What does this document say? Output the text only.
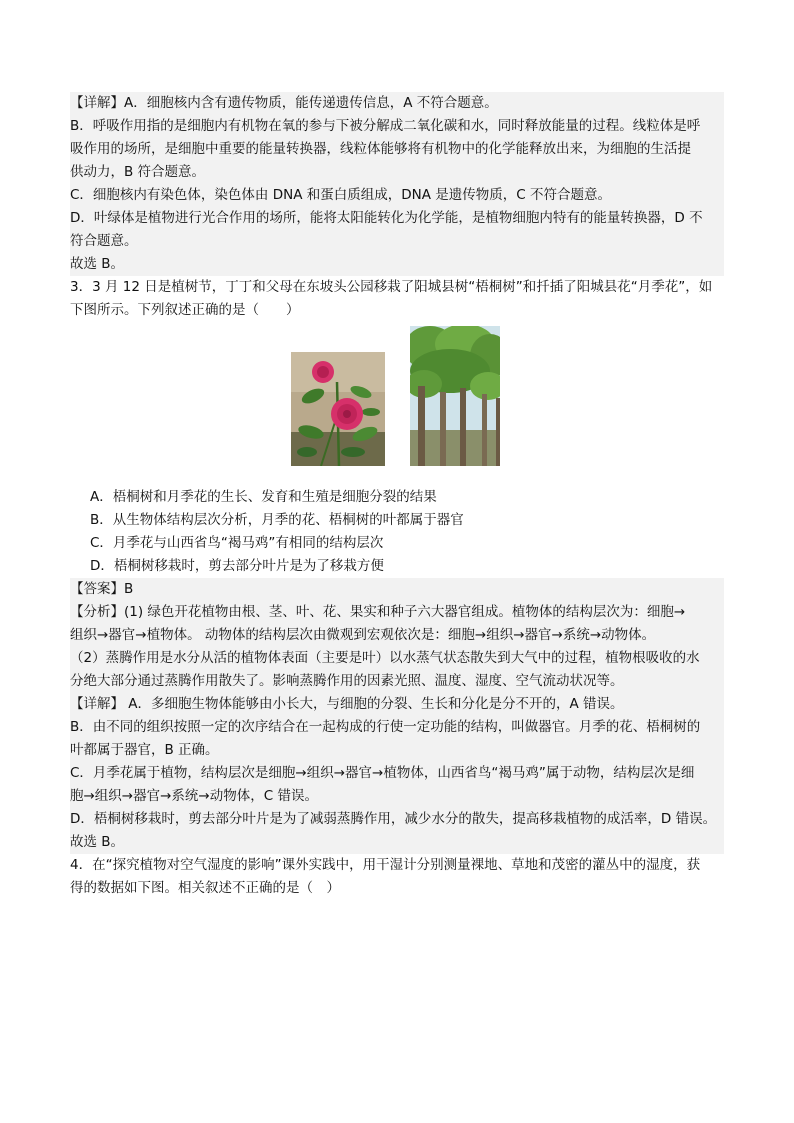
【详解】A．细胞核内含有遗传物质，能传递遗传信息，A 不符合题意。
B．呼吸作用指的是细胞内有机物在氧的参与下被分解成二氧化碳和水，同时释放能量的过程。线粒体是呼
吸作用的场所，是细胞中重要的能量转换器，线粒体能够将有机物中的化学能释放出来，为细胞的生活提
供动力，B 符合题意。
C．细胞核内有染色体，染色体由 DNA 和蛋白质组成，DNA 是遗传物质，C 不符合题意。
D．叶绿体是植物进行光合作用的场所，能将太阳能转化为化学能，是植物细胞内特有的能量转换器，D 不
符合题意。
故选 B。
3．3 月 12 日是植树节，丁丁和父母在东坡头公园移栽了阳城县树“梧桐树”和扦插了阳城县花“月季花”，如
下图所示。下列叙述正确的是（　　）
A．梧桐树和月季花的生长、发育和生殖是细胞分裂的结果
B．从生物体结构层次分析，月季的花、梧桐树的叶都属于器官
C．月季花与山西省鸟“褐马鸡”有相同的结构层次
D．梧桐树移栽时，剪去部分叶片是为了移栽方便
【答案】B
【分析】(1) 绿色开花植物由根、茎、叶、花、果实和种子六大器官组成。植物体的结构层次为：细胞→
组织→器官→植物体。 动物体的结构层次由微观到宏观依次是：细胞→组织→器官→系统→动物体。
（2）蒸腾作用是水分从活的植物体表面（主要是叶）以水蒸气状态散失到大气中的过程，植物根吸收的水
分绝大部分通过蒸腾作用散失了。影响蒸腾作用的因素光照、温度、湿度、空气流动状况等。
【详解】 A．多细胞生物体能够由小长大，与细胞的分裂、生长和分化是分不开的，A 错误。
B．由不同的组织按照一定的次序结合在一起构成的行使一定功能的结构，叫做器官。月季的花、梧桐树的
叶都属于器官，B 正确。
C．月季花属于植物，结构层次是细胞→组织→器官→植物体，山西省鸟“褐马鸡”属于动物，结构层次是细
胞→组织→器官→系统→动物体，C 错误。
D．梧桐树移栽时，剪去部分叶片是为了减弱蒸腾作用，减少水分的散失，提高移栽植物的成活率，D 错误。
故选 B。
4．在“探究植物对空气湿度的影响”课外实践中，用干湿计分别测量裸地、草地和茂密的灌丛中的湿度，获
得的数据如下图。相关叙述不正确的是（　）
